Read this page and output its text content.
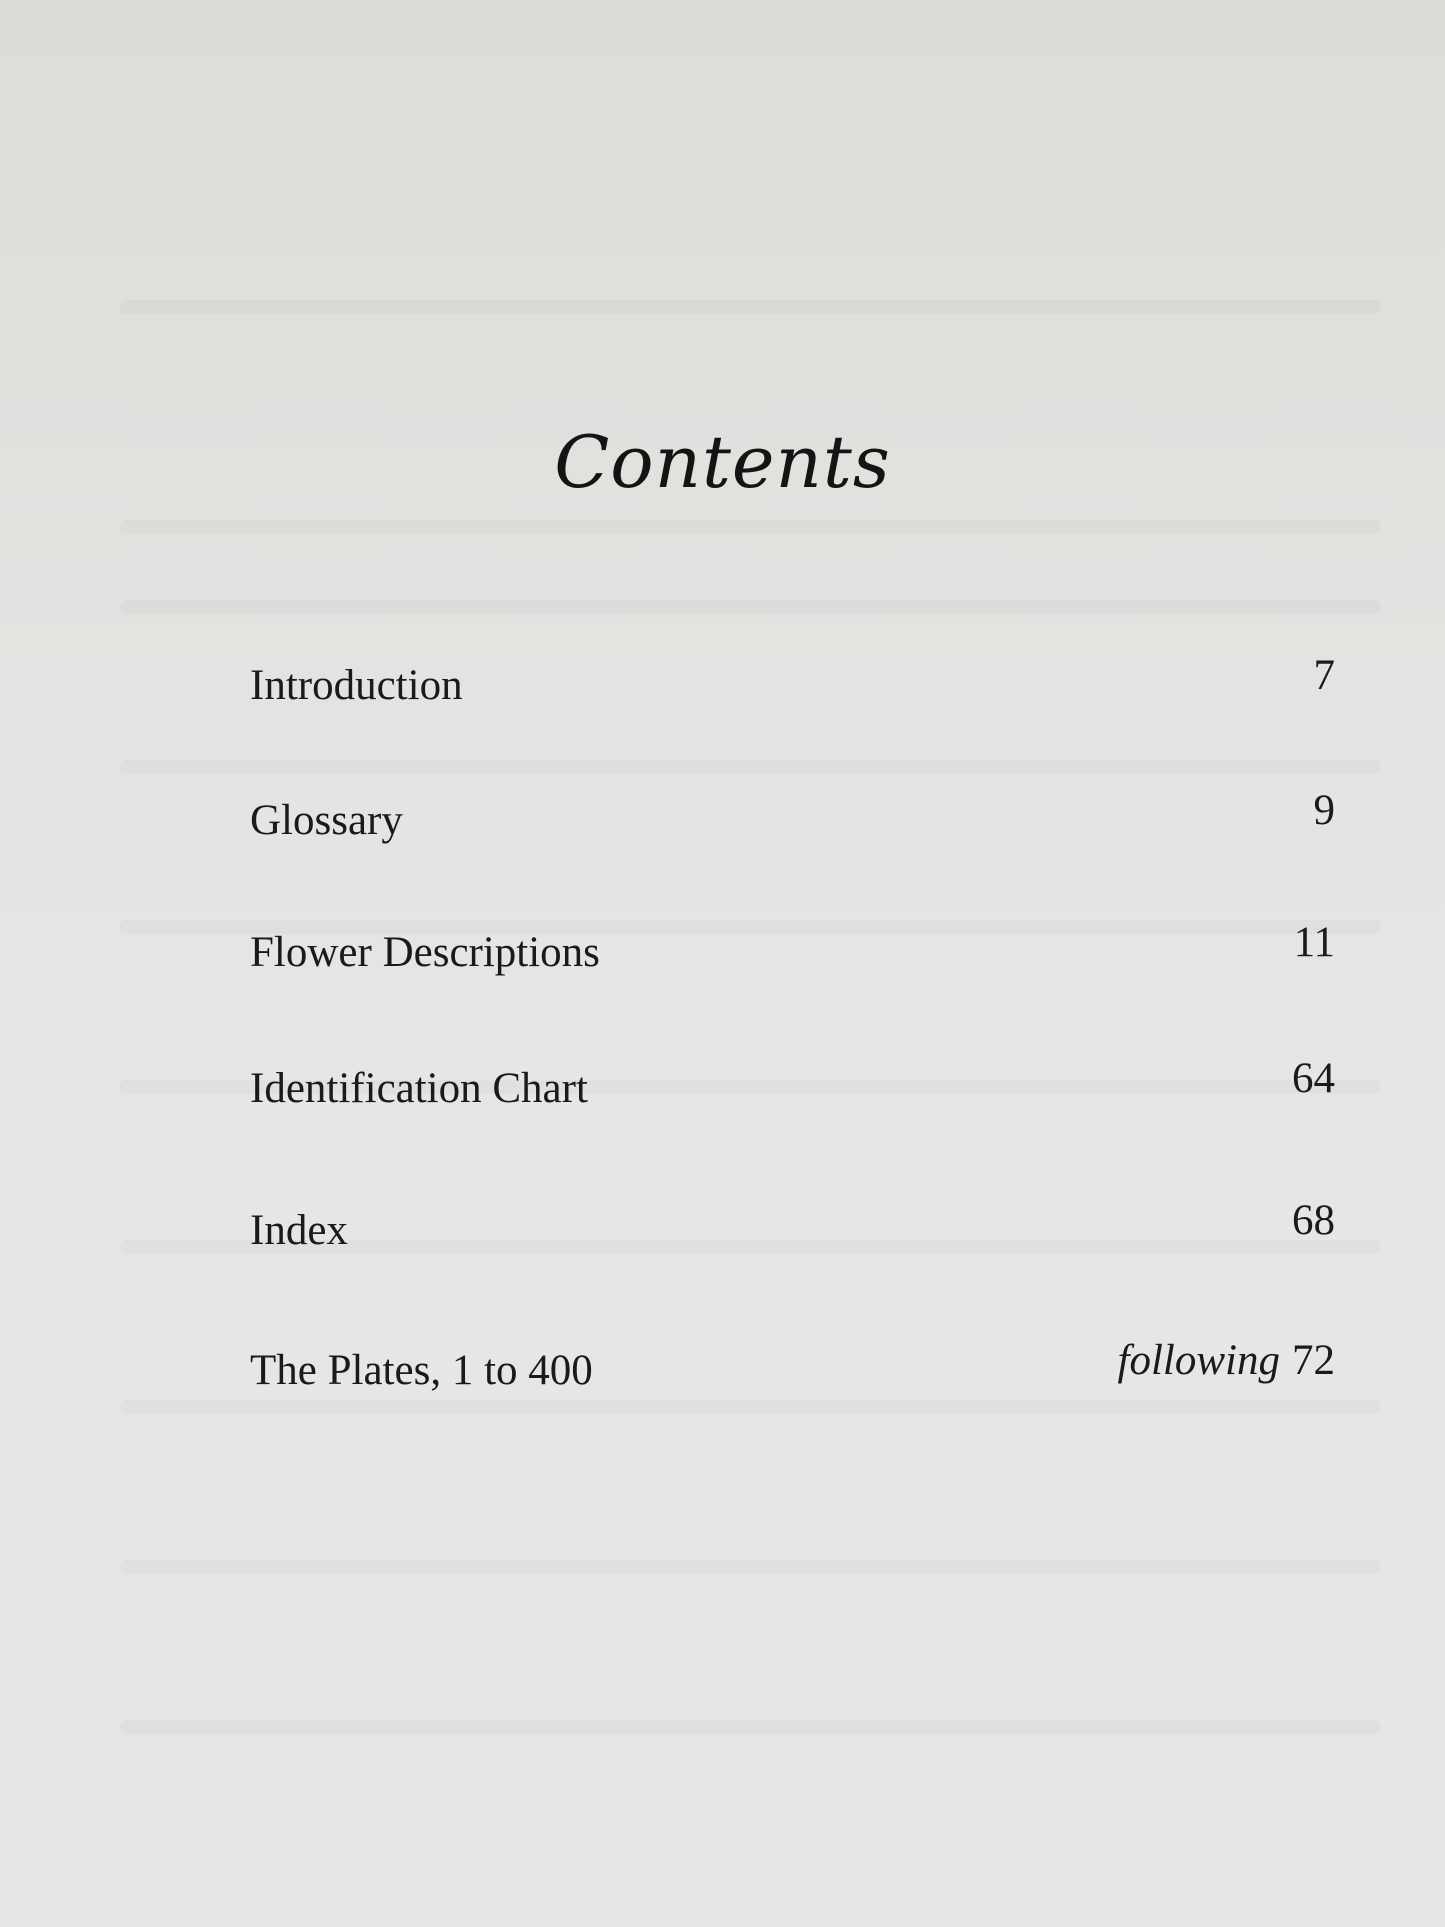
Contents
Introduction	7
Glossary	9
Flower Descriptions	11
Identification Chart	64
Index	68
The Plates, 1 to 400	following 72
